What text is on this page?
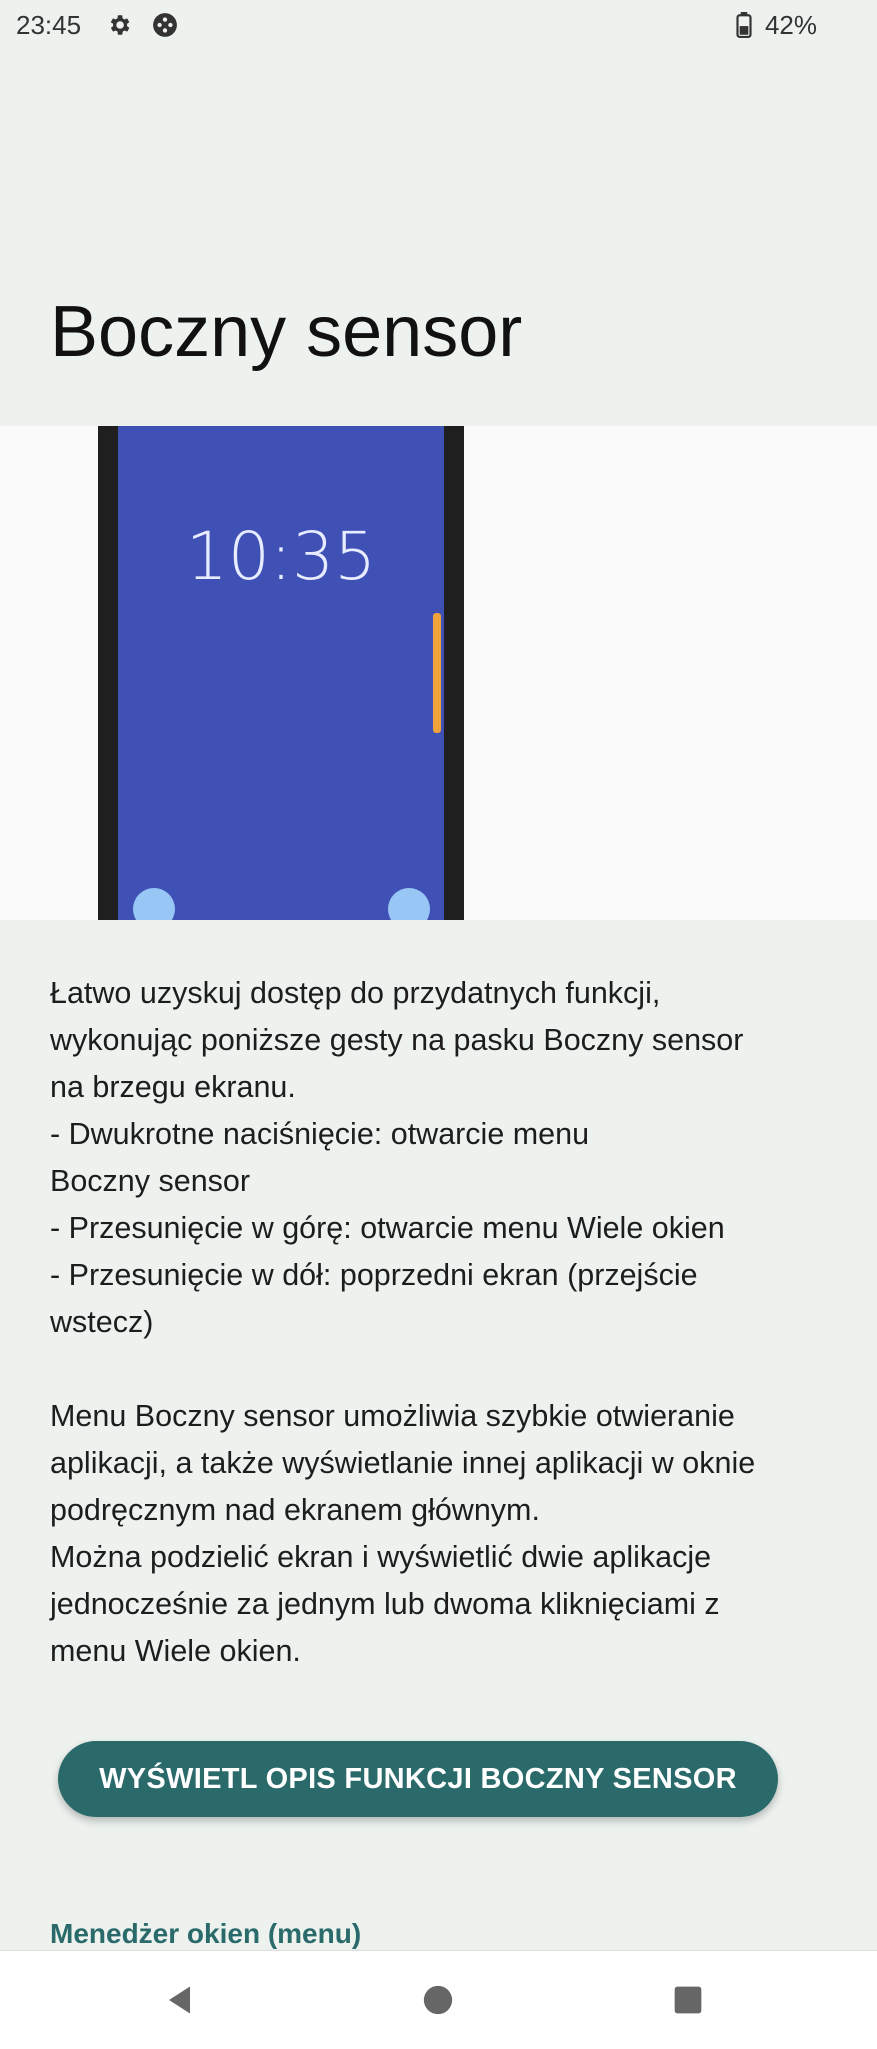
23:45	42%
Boczny sensor
10:35

Łatwo uzyskuj dostęp do przydatnych funkcji,
wykonując poniższe gesty na pasku Boczny sensor
na brzegu ekranu.
- Dwukrotne naciśnięcie: otwarcie menu
Boczny sensor
- Przesunięcie w górę: otwarcie menu Wiele okien
- Przesunięcie w dół: poprzedni ekran (przejście
wstecz)

Menu Boczny sensor umożliwia szybkie otwieranie
aplikacji, a także wyświetlanie innej aplikacji w oknie
podręcznym nad ekranem głównym.
Można podzielić ekran i wyświetlić dwie aplikacje
jednocześnie za jednym lub dwoma kliknięciami z
menu Wiele okien.

WYŚWIETL OPIS FUNKCJI BOCZNY SENSOR
Menedżer okien (menu)
